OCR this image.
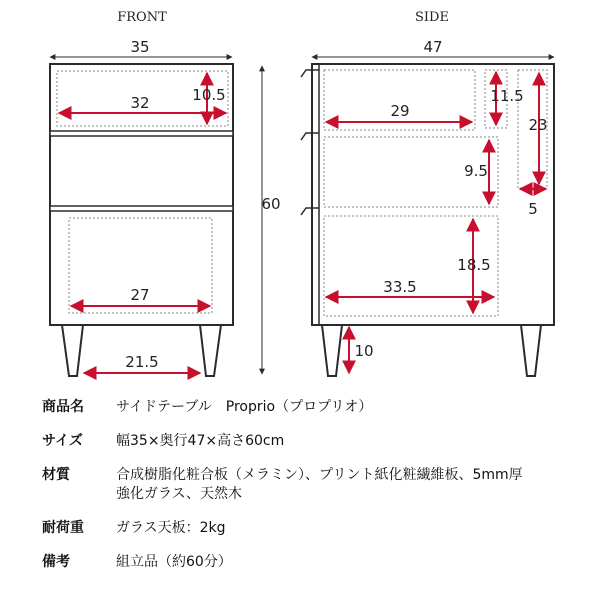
FRONT
35
32	10.5
27
21.5
60
SIDE
47
29
11.5
23
5
9.5
18.5
33.5
10
商品名	サイドテーブル　Proprio（プロプリオ）
サイズ	幅35×奥行47×高さ60cm
材質	合成樹脂化粧合板（メラミン）、プリント紙化粧繊維板、5mm厚
強化ガラス、天然木
耐荷重	ガラス天板：2kg
備考	組立品（約60分）
